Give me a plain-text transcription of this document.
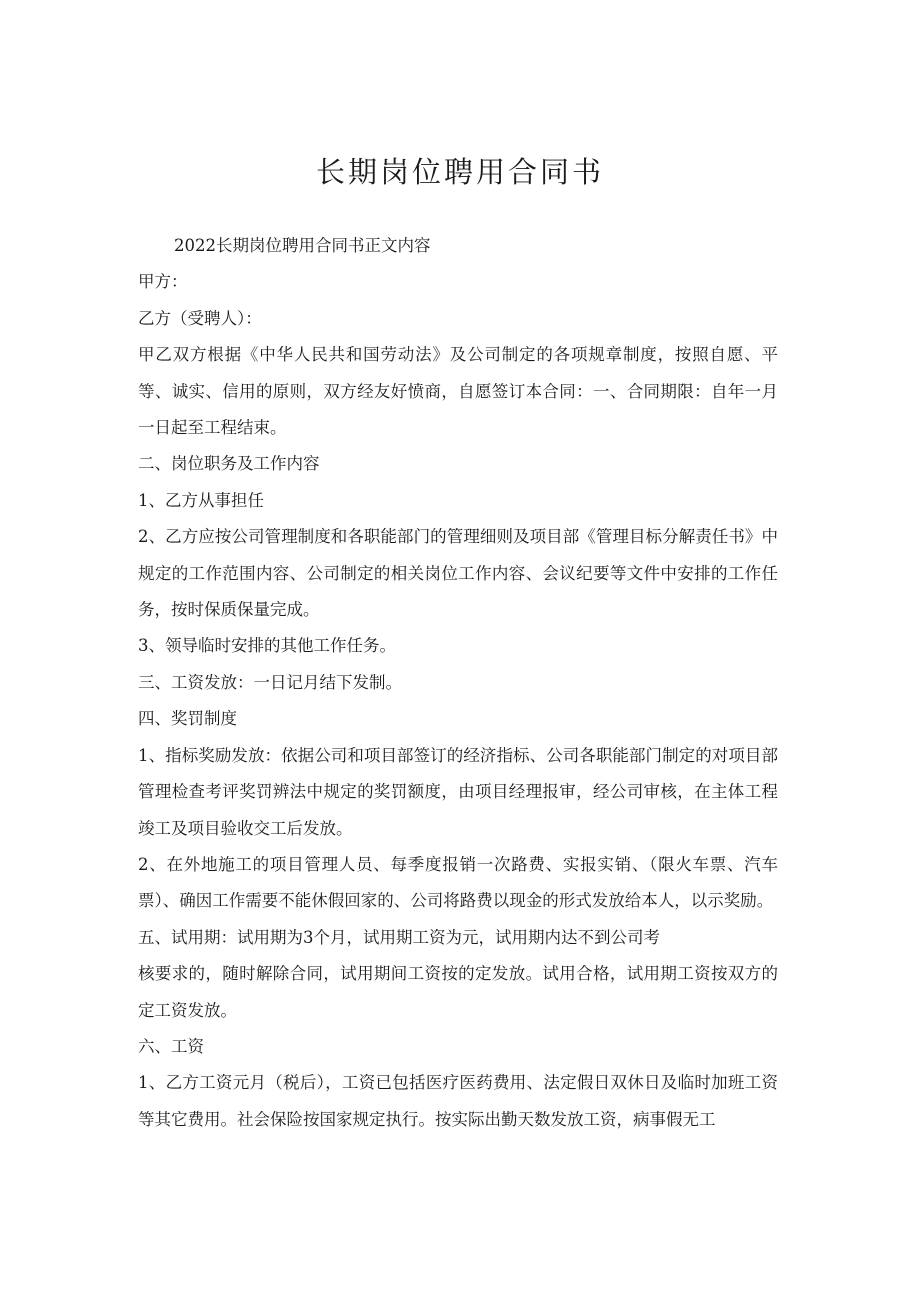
长期岗位聘用合同书

2022长期岗位聘用合同书正文内容

甲方：

乙方（受聘人）：

甲乙双方根据《中华人民共和国劳动法》及公司制定的各项规章制度，按照自愿、平等、诚实、信用的原则，双方经友好愤商，自愿签订本合同：一、合同期限：自年一月一日起至工程结束。

二、岗位职务及工作内容

1、乙方从事担任

2、乙方应按公司管理制度和各职能部门的管理细则及项目部《管理目标分解责任书》中规定的工作范围内容、公司制定的相关岗位工作内容、会议纪要等文件中安排的工作任务，按时保质保量完成。

3、领导临时安排的其他工作任务。

三、工资发放：一日记月结下发制。

四、奖罚制度

1、指标奖励发放：依据公司和项目部签订的经济指标、公司各职能部门制定的对项目部管理检查考评奖罚辨法中规定的奖罚额度，由项目经理报审，经公司审核，在主体工程竣工及项目验收交工后发放。

2、在外地施工的项目管理人员、每季度报销一次路费、实报实销、（限火车票、汽车票）、确因工作需要不能休假回家的、公司将路费以现金的形式发放给本人，以示奖励。

五、试用期：试用期为3个月，试用期工资为元，试用期内达不到公司考

核要求的，随时解除合同，试用期间工资按的定发放。试用合格，试用期工资按双方的定工资发放。

六、工资

1、乙方工资元月（税后），工资已包括医疗医药费用、法定假日双休日及临时加班工资等其它费用。社会保险按国家规定执行。按实际出勤天数发放工资，病事假无工
